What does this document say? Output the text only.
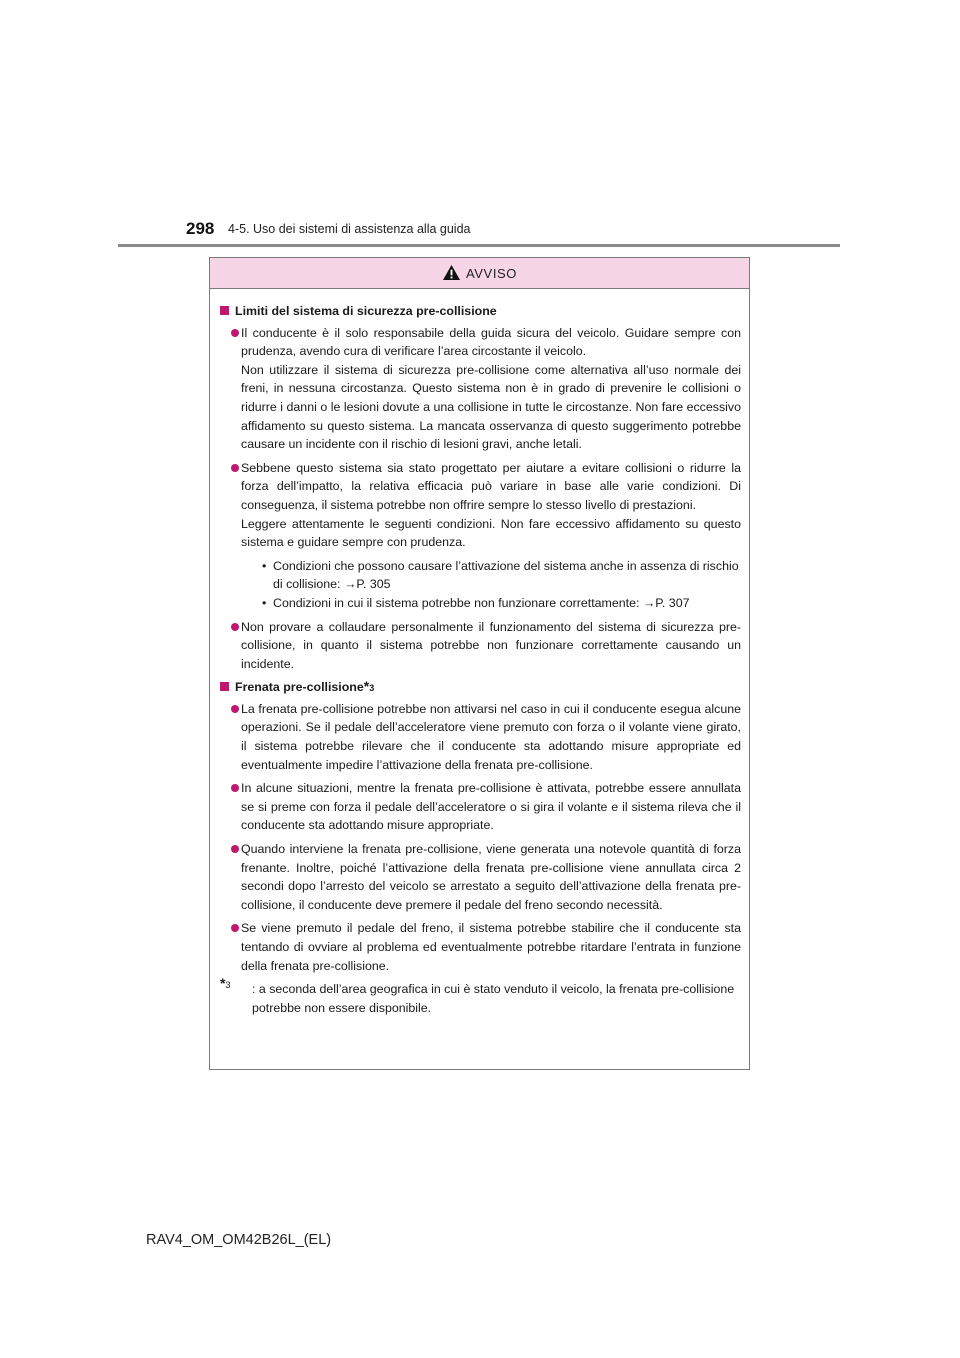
298 4-5. Uso dei sistemi di assistenza alla guida
AVVISO
Limiti del sistema di sicurezza pre-collisione

Il conducente è il solo responsabile della guida sicura del veicolo. Guidare sempre con prudenza, avendo cura di verificare l’area circostante il veicolo.

Non utilizzare il sistema di sicurezza pre-collisione come alternativa all’uso normale dei freni, in nessuna circostanza. Questo sistema non è in grado di prevenire le collisioni o ridurre i danni o le lesioni dovute a una collisione in tutte le circostanze. Non fare eccessivo affidamento su questo sistema. La mancata osservanza di questo suggerimento potrebbe causare un incidente con il rischio di lesioni gravi, anche letali.

Sebbene questo sistema sia stato progettato per aiutare a evitare collisioni o ridurre la forza dell’impatto, la relativa efficacia può variare in base alle varie condizioni. Di conseguenza, il sistema potrebbe non offrire sempre lo stesso livello di prestazioni.

Leggere attentamente le seguenti condizioni. Non fare eccessivo affidamento su questo sistema e guidare sempre con prudenza.

• Condizioni che possono causare l’attivazione del sistema anche in assenza di rischio di collisione: →P. 305
• Condizioni in cui il sistema potrebbe non funzionare correttamente: →P. 307

Non provare a collaudare personalmente il funzionamento del sistema di sicurezza pre-collisione, in quanto il sistema potrebbe non funzionare correttamente causando un incidente.

Frenata pre-collisione * 3

La frenata pre-collisione potrebbe non attivarsi nel caso in cui il conducente esegua alcune operazioni. Se il pedale dell’acceleratore viene premuto con forza o il volante viene girato, il sistema potrebbe rilevare che il conducente sta adottando misure appropriate ed eventualmente impedire l’attivazione della frenata pre-collisione.

In alcune situazioni, mentre la frenata pre-collisione è attivata, potrebbe essere annullata se si preme con forza il pedale dell’acceleratore o si gira il volante e il sistema rileva che il conducente sta adottando misure appropriate.

Quando interviene la frenata pre-collisione, viene generata una notevole quantità di forza frenante. Inoltre, poiché l’attivazione della frenata pre-collisione viene annullata circa 2 secondi dopo l’arresto del veicolo se arrestato a seguito dell’attivazione della frenata pre-collisione, il conducente deve premere il pedale del freno secondo necessità.

Se viene premuto il pedale del freno, il sistema potrebbe stabilire che il conducente sta tentando di ovviare al problema ed eventualmente potrebbe ritardare l’entrata in funzione della frenata pre-collisione.

*$^3$ : a seconda dell’area geografica in cui è stato venduto il veicolo, la frenata pre-collisione potrebbe non essere disponibile.
RAV4_OM_OM42B26L_(EL)
